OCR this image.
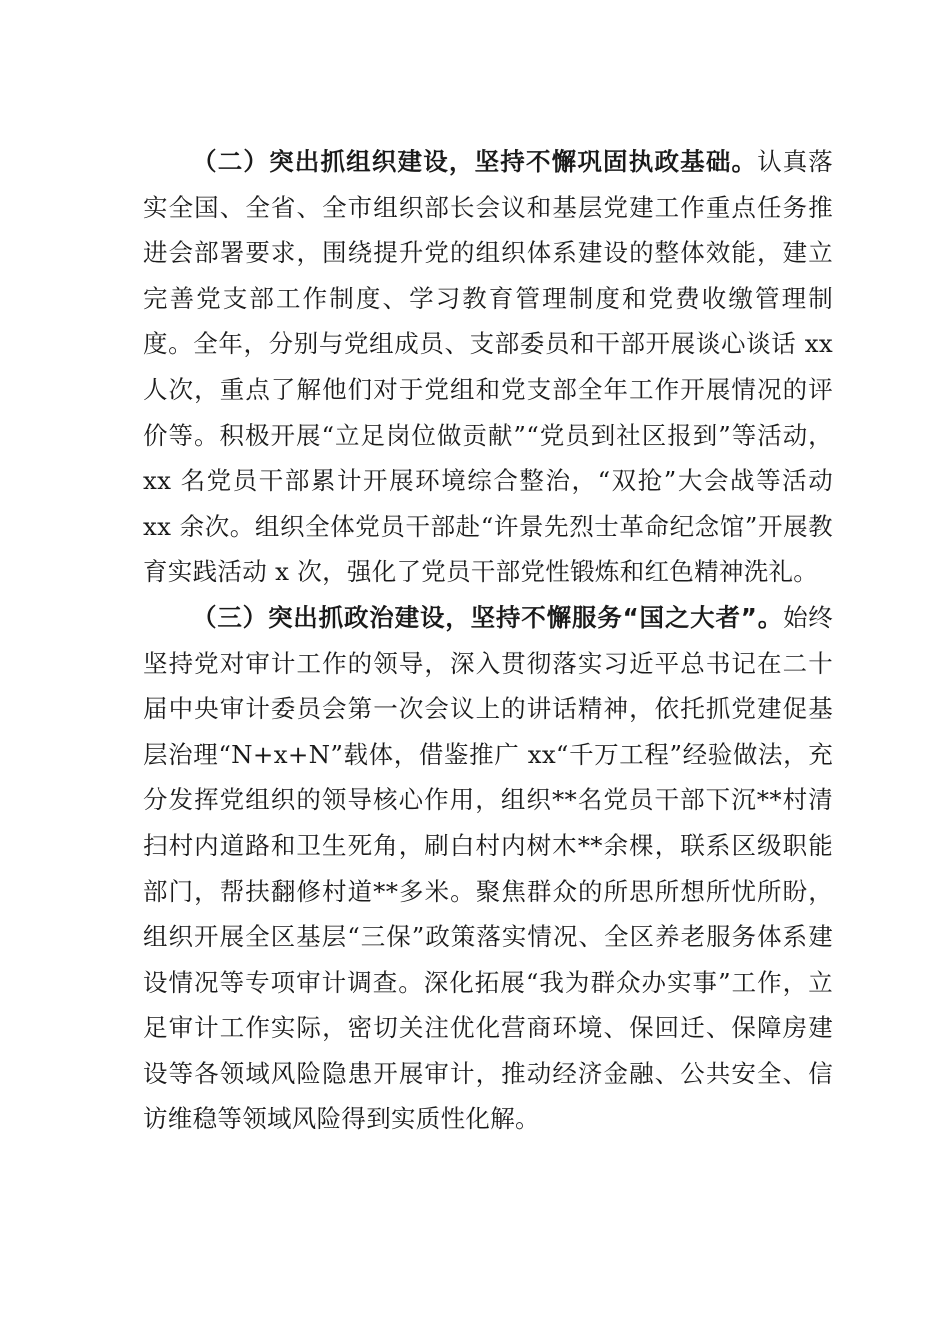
（二）突出抓组织建设，坚持不懈巩固执政基础。认真落实全国、全省、全市组织部长会议和基层党建工作重点任务推进会部署要求，围绕提升党的组织体系建设的整体效能，建立完善党支部工作制度、学习教育管理制度和党费收缴管理制度。全年，分别与党组成员、支部委员和干部开展谈心谈话 xx 人次，重点了解他们对于党组和党支部全年工作开展情况的评价等。积极开展“立足岗位做贡献”“党员到社区报到”等活动，xx 名党员干部累计开展环境综合整治，“双抢”大会战等活动 xx 余次。组织全体党员干部赴“许景先烈士革命纪念馆”开展教育实践活动 x 次，强化了党员干部党性锻炼和红色精神洗礼。

（三）突出抓政治建设，坚持不懈服务“国之大者”。始终坚持党对审计工作的领导，深入贯彻落实习近平总书记在二十届中央审计委员会第一次会议上的讲话精神，依托抓党建促基层治理“N+x+N”载体，借鉴推广 xx“千万工程”经验做法，充分发挥党组织的领导核心作用，组织**名党员干部下沉**村清扫村内道路和卫生死角，刷白村内树木**余棵，联系区级职能部门，帮扶翻修村道**多米。聚焦群众的所思所想所忧所盼，组织开展全区基层“三保”政策落实情况、全区养老服务体系建设情况等专项审计调查。深化拓展“我为群众办实事”工作，立足审计工作实际，密切关注优化营商环境、保回迁、保障房建设等各领域风险隐患开展审计，推动经济金融、公共安全、信访维稳等领域风险得到实质性化解。
